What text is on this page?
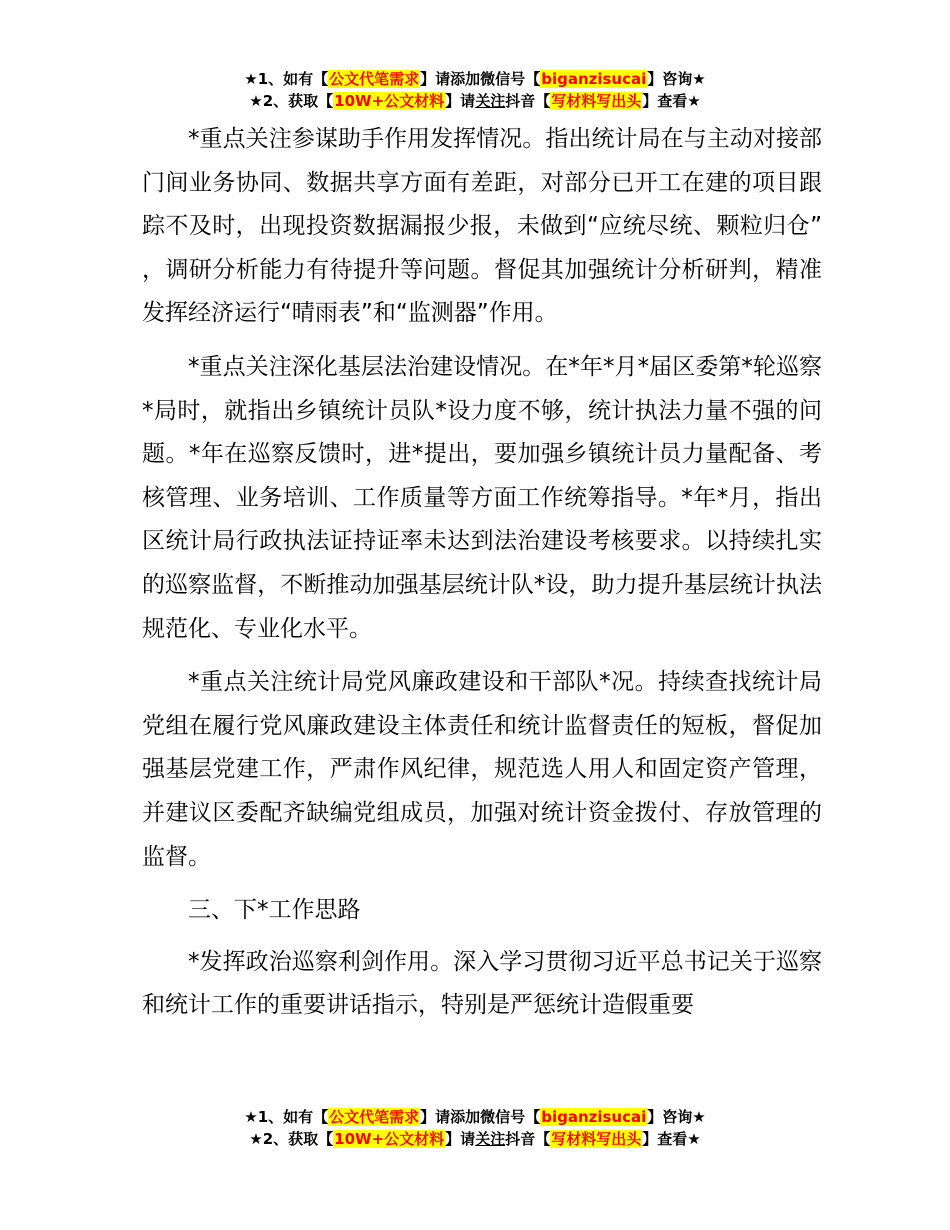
★1、如有【公文代笔需求】请添加微信号【biganzisucai】咨询★
★2、获取【10W+公文材料】请关注抖音【写材料写出头】查看★

*重点关注参谋助手作用发挥情况。指出统计局在与主动对接部门间业务协同、数据共享方面有差距，对部分已开工在建的项目跟踪不及时，出现投资数据漏报少报，未做到“应统尽统、颗粒归仓” ，调研分析能力有待提升等问题。督促其加强统计分析研判，精准发挥经济运行“晴雨表”和“监测器”作用。

*重点关注深化基层法治建设情况。在*年*月*届区委第*轮巡察*局时，就指出乡镇统计员队*设力度不够，统计执法力量不强的问题。*年在巡察反馈时，进*提出，要加强乡镇统计员力量配备、考核管理、业务培训、工作质量等方面工作统筹指导。*年*月，指出区统计局行政执法证持证率未达到法治建设考核要求。以持续扎实的巡察监督，不断推动加强基层统计队*设，助力提升基层统计执法规范化、专业化水平。

*重点关注统计局党风廉政建设和干部队*况。持续查找统计局党组在履行党风廉政建设主体责任和统计监督责任的短板，督促加强基层党建工作，严肃作风纪律，规范选人用人和固定资产管理，并建议区委配齐缺编党组成员，加强对统计资金拨付、存放管理的监督。

三、下*工作思路

*发挥政治巡察利剑作用。深入学习贯彻习近平总书记关于巡察和统计工作的重要讲话指示，特别是严惩统计造假重要

★1、如有【公文代笔需求】请添加微信号【biganzisucai】咨询★
★2、获取【10W+公文材料】请关注抖音【写材料写出头】查看★
